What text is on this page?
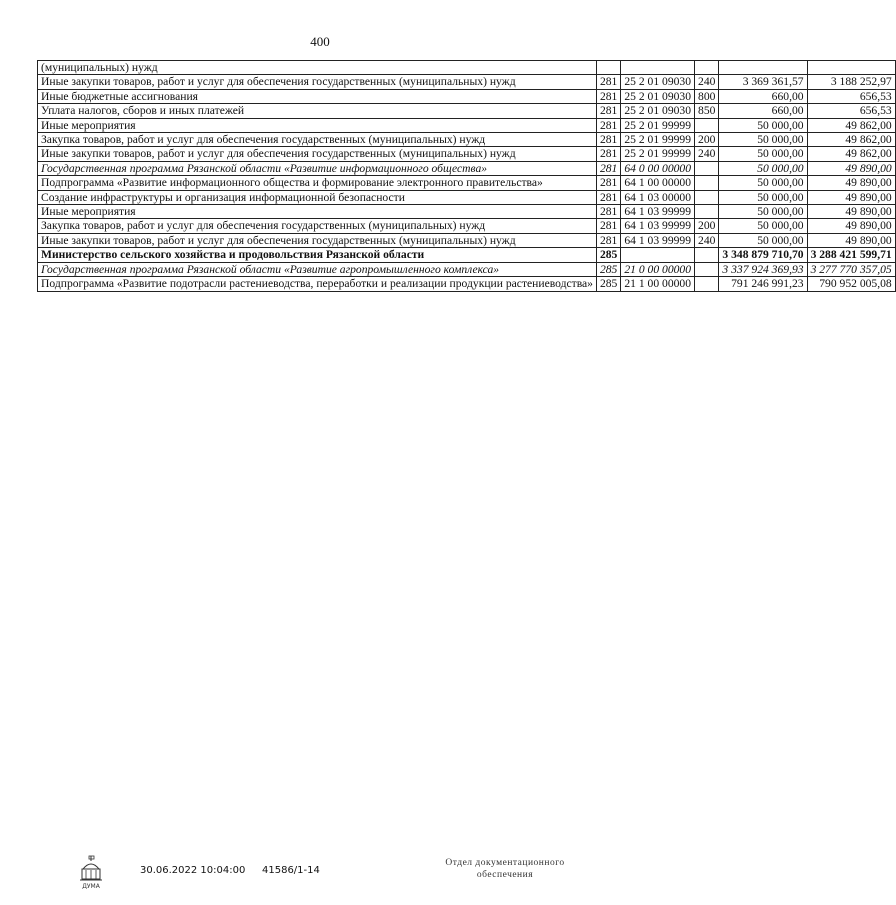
400
(муниципальных) нужд					
Иные закупки товаров, работ и услуг для обеспечения государственных (муниципальных) нужд	281	25 2 01 09030	240	3 369 361,57	3 188 252,97
Иные бюджетные ассигнования	281	25 2 01 09030	800	660,00	656,53
Уплата налогов, сборов и иных платежей	281	25 2 01 09030	850	660,00	656,53
Иные мероприятия	281	25 2 01 99999		50 000,00	49 862,00
Закупка товаров, работ и услуг для обеспечения государственных (муниципальных) нужд	281	25 2 01 99999	200	50 000,00	49 862,00
Иные закупки товаров, работ и услуг для обеспечения государственных (муниципальных) нужд	281	25 2 01 99999	240	50 000,00	49 862,00
Государственная программа Рязанской области «Развитие информационного общества»	281	64 0 00 00000		50 000,00	49 890,00
Подпрограмма «Развитие информационного общества и формирование электронного правительства»	281	64 1 00 00000		50 000,00	49 890,00
Создание инфраструктуры и организация информационной безопасности	281	64 1 03 00000		50 000,00	49 890,00
Иные мероприятия	281	64 1 03 99999		50 000,00	49 890,00
Закупка товаров, работ и услуг для обеспечения государственных (муниципальных) нужд	281	64 1 03 99999	200	50 000,00	49 890,00
Иные закупки товаров, работ и услуг для обеспечения государственных (муниципальных) нужд	281	64 1 03 99999	240	50 000,00	49 890,00
Министерство сельского хозяйства и продовольствия Рязанской области	285			3 348 879 710,70	3 288 421 599,71
Государственная программа Рязанской области «Развитие агропромышленного комплекса»	285	21 0 00 00000		3 337 924 369,93	3 277 770 357,05
Подпрограмма «Развитие подотрасли растениеводства, переработки и реализации продукции растениеводства»	285	21 1 00 00000		791 246 991,23	790 952 005,08
ДУМА
30.06.2022 10:04:00 41586/1-14
Отдел документационного
обеспечения
